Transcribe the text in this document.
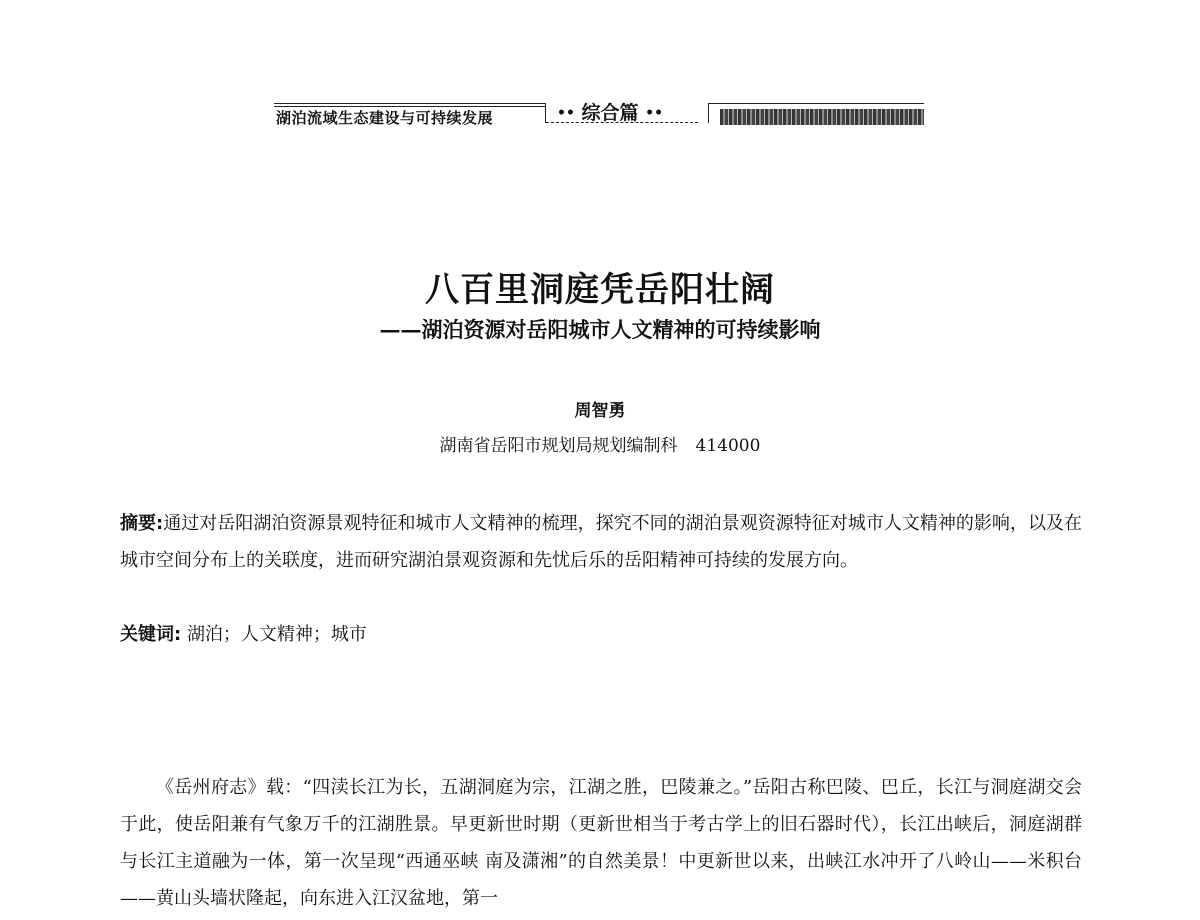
湖泊流域生态建设与可持续发展	•• 综合篇 ••
八百里洞庭凭岳阳壮阔
——湖泊资源对岳阳城市人文精神的可持续影响
周智勇
湖南省岳阳市规划局规划编制科 414000
摘要:通过对岳阳湖泊资源景观特征和城市人文精神的梳理，探究不同的湖泊景观资源特征对城市人文精神的影响，以及在城市空间分布上的关联度，进而研究湖泊景观资源和先忧后乐的岳阳精神可持续的发展方向。
关键词: 湖泊；人文精神；城市
《岳州府志》载：“四渎长江为长，五湖洞庭为宗，江湖之胜，巴陵兼之。”岳阳古称巴陵、巴丘，长江与洞庭湖交会于此，使岳阳兼有气象万千的江湖胜景。早更新世时期（更新世相当于考古学上的旧石器时代），长江出峡后，洞庭湖群与长江主道融为一体，第一次呈现“西通巫峡 南及潇湘”的自然美景！中更新世以来，出峡江水冲开了八岭山——米积台——黄山头墙状隆起，向东进入江汉盆地，第一
